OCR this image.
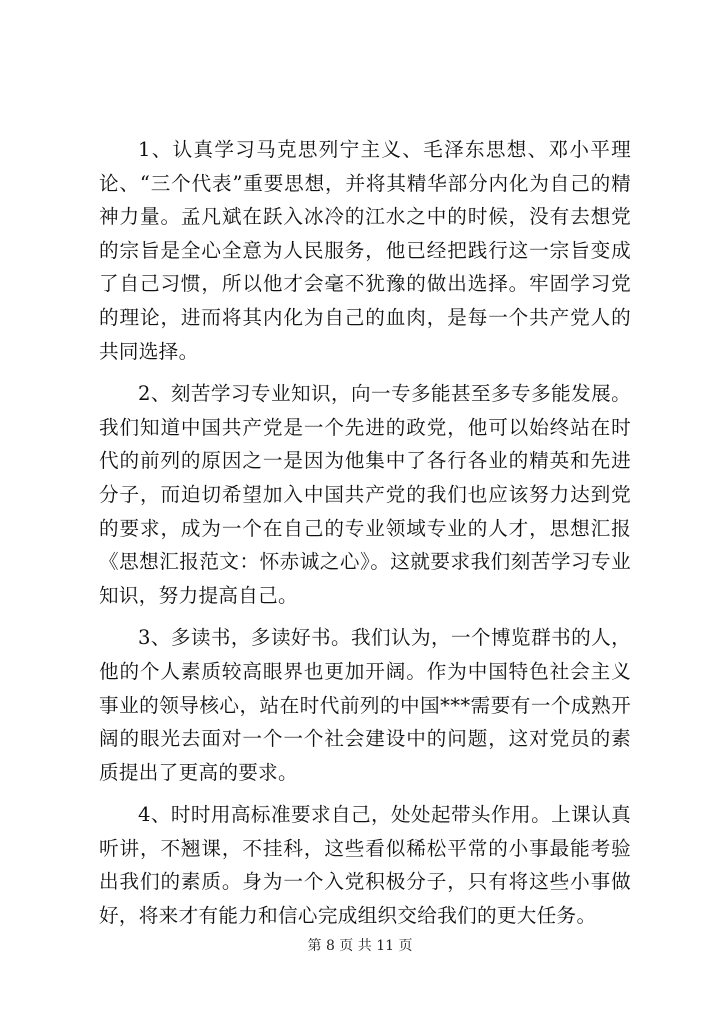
1、认真学习马克思列宁主义、毛泽东思想、邓小平理论、“三个代表”重要思想，并将其精华部分内化为自己的精神力量。孟凡斌在跃入冰冷的江水之中的时候，没有去想党的宗旨是全心全意为人民服务，他已经把践行这一宗旨变成了自己习惯，所以他才会毫不犹豫的做出选择。牢固学习党的理论，进而将其内化为自己的血肉，是每一个共产党人的共同选择。

2、刻苦学习专业知识，向一专多能甚至多专多能发展。我们知道中国共产党是一个先进的政党，他可以始终站在时代的前列的原因之一是因为他集中了各行各业的精英和先进分子，而迫切希望加入中国共产党的我们也应该努力达到党的要求，成为一个在自己的专业领域专业的人才，思想汇报《思想汇报范文：怀赤诚之心》。这就要求我们刻苦学习专业知识，努力提高自己。

3、多读书，多读好书。我们认为，一个博览群书的人，他的个人素质较高眼界也更加开阔。作为中国特色社会主义事业的领导核心，站在时代前列的中国***需要有一个成熟开阔的眼光去面对一个一个社会建设中的问题，这对党员的素质提出了更高的要求。

4、时时用高标准要求自己，处处起带头作用。上课认真听讲，不翘课，不挂科，这些看似稀松平常的小事最能考验出我们的素质。身为一个入党积极分子，只有将这些小事做好，将来才有能力和信心完成组织交给我们的更大任务。

第 8 页 共 11 页
